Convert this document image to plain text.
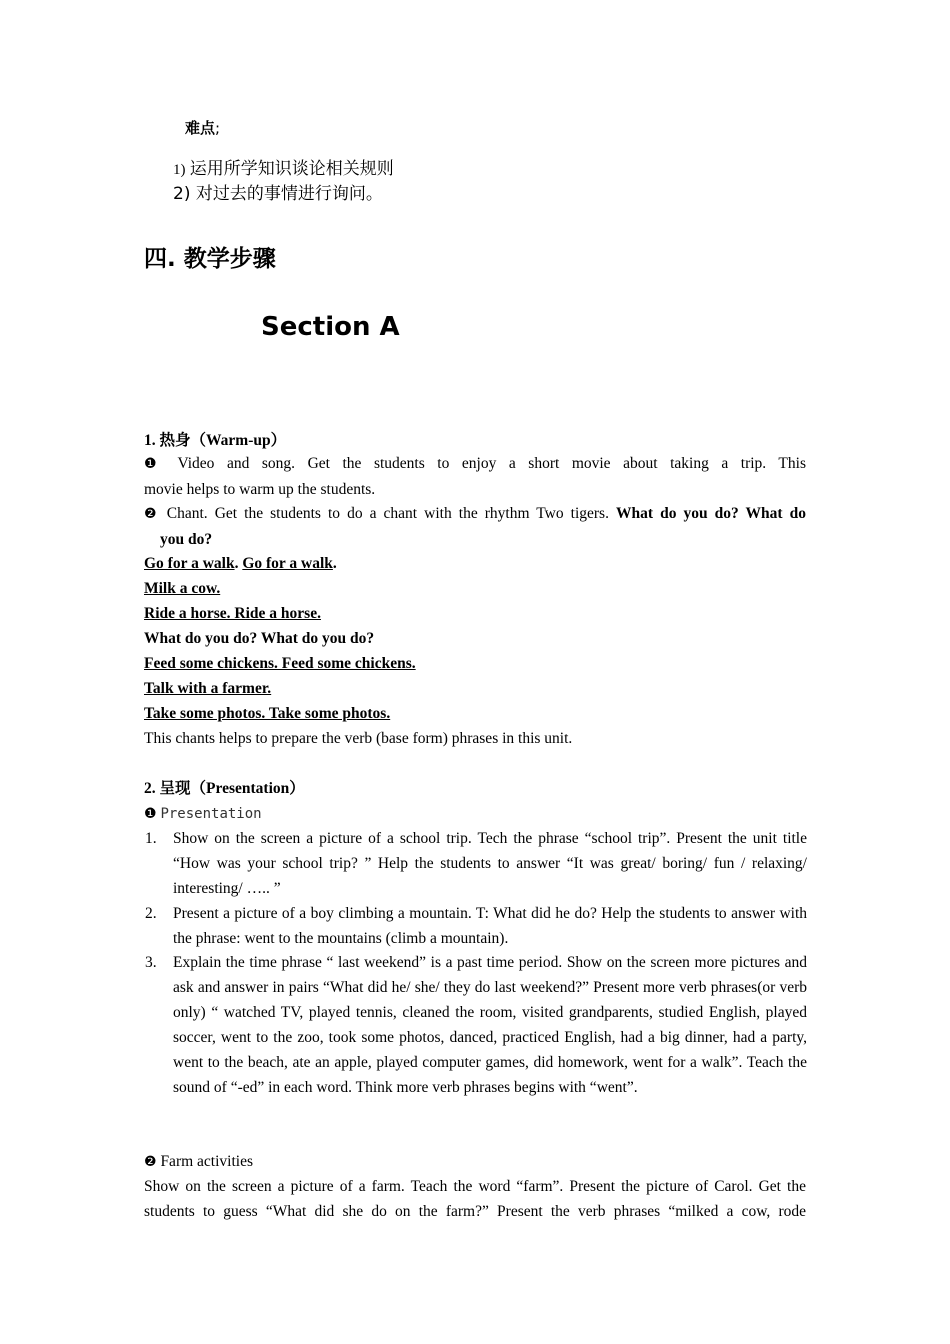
难点;
1) 运用所学知识谈论相关规则
2) 对过去的事情进行询问。
四. 教学步骤
Section A
1. 热身（Warm-up）
❶ Video and song. Get the students to enjoy a short movie about taking a trip. This
movie helps to warm up the students.
❷ Chant. Get the students to do a chant with the rhythm Two tigers. What do you do? What do
you do?
Go for a walk. Go for a walk.
Milk a cow.
Ride a horse. Ride a horse.
What do you do? What do you do?
Feed some chickens. Feed some chickens.
Talk with a farmer.
Take some photos. Take some photos.
This chants helps to prepare the verb (base form) phrases in this unit.
2. 呈现（Presentation）
❶ Presentation
1. Show on the screen a picture of a school trip. Tech the phrase “school trip”. Present the unit title “How was your school trip? ” Help the students to answer “It was great/ boring/ fun / relaxing/ interesting/ ….. ”
2. Present a picture of a boy climbing a mountain. T: What did he do? Help the students to answer with the phrase: went to the mountains (climb a mountain).
3. Explain the time phrase “ last weekend” is a past time period. Show on the screen more pictures and ask and answer in pairs “What did he/ she/ they do last weekend?” Present more verb phrases(or verb only) “ watched TV, played tennis, cleaned the room, visited grandparents, studied English, played soccer, went to the zoo, took some photos, danced, practiced English, had a big dinner, had a party, went to the beach, ate an apple, played computer games, did homework, went for a walk”. Teach the sound of “-ed” in each word. Think more verb phrases begins with “went”.
❷ Farm activities
Show on the screen a picture of a farm. Teach the word “farm”. Present the picture of Carol. Get the students to guess “What did she do on the farm?” Present the verb phrases “milked a cow, rode
